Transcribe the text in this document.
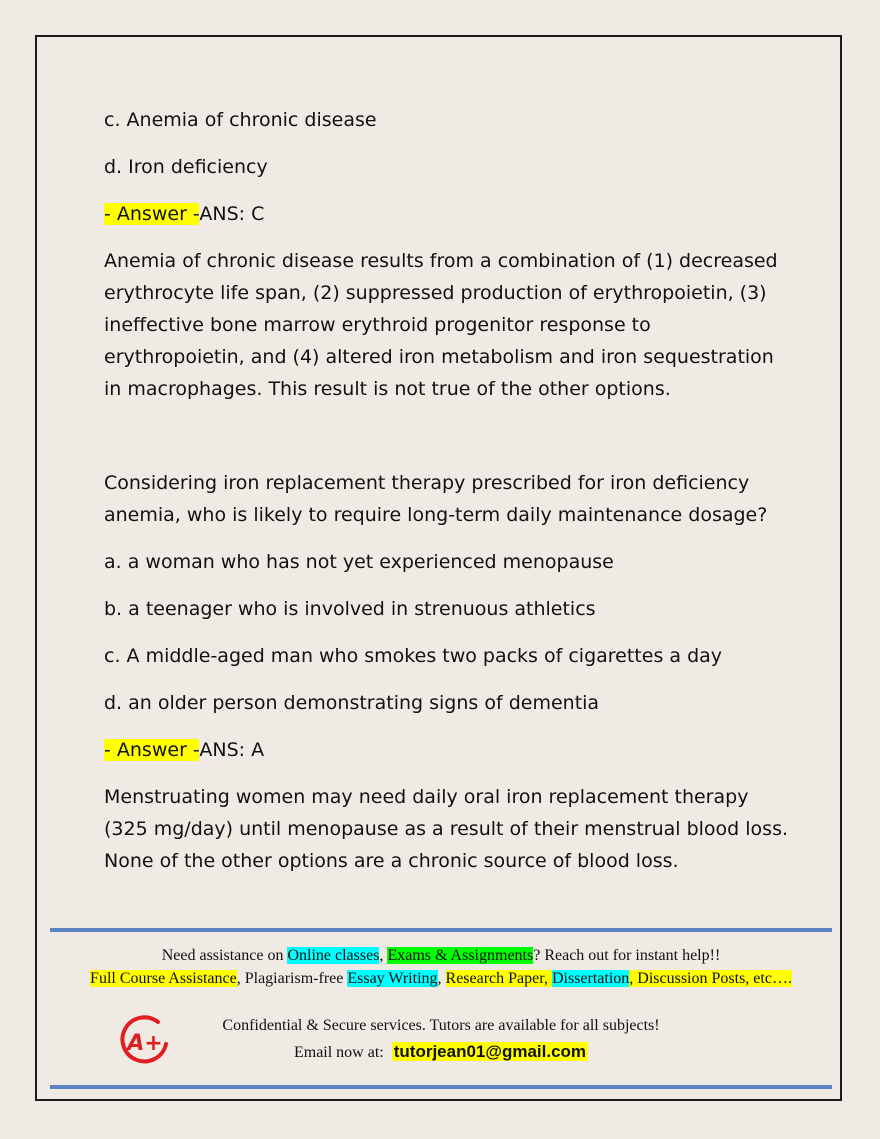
c. Anemia of chronic disease

d. Iron deficiency

- Answer -ANS: C

Anemia of chronic disease results from a combination of (1) decreased erythrocyte life span, (2) suppressed production of erythropoietin, (3) ineffective bone marrow erythroid progenitor response to erythropoietin, and (4) altered iron metabolism and iron sequestration in macrophages. This result is not true of the other options.

Considering iron replacement therapy prescribed for iron deficiency anemia, who is likely to require long-term daily maintenance dosage?

a. a woman who has not yet experienced menopause

b. a teenager who is involved in strenuous athletics

c. A middle-aged man who smokes two packs of cigarettes a day

d. an older person demonstrating signs of dementia

- Answer -ANS: A

Menstruating women may need daily oral iron replacement therapy (325 mg/day) until menopause as a result of their menstrual blood loss. None of the other options are a chronic source of blood loss.

Need assistance on Online classes, Exams & Assignments? Reach out for instant help!!
Full Course Assistance, Plagiarism-free Essay Writing, Research Paper, Dissertation, Discussion Posts, etc….
A+
Confidential & Secure services. Tutors are available for all subjects!
Email now at: tutorjean01@gmail.com
